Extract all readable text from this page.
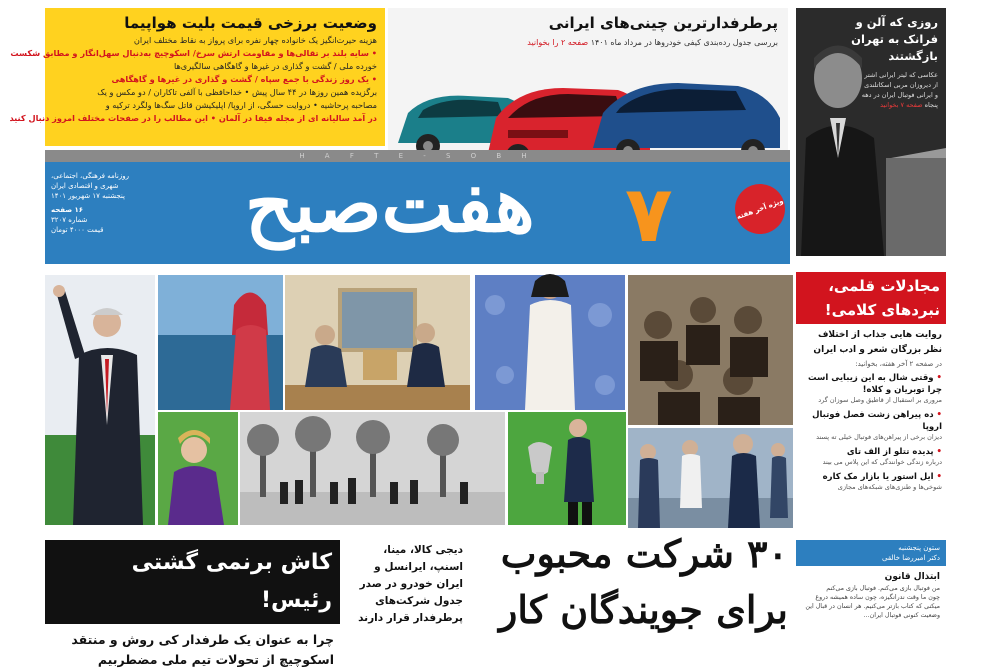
وضعیت برزخی قیمت بلیت هواپیما
هزینه حیرت‌انگیز یک خانواده چهار نفره برای پرواز به نقاط مختلف ایران
• سایه بلند بر تقالی‌ها و مقاومت ارتش سرخ/ اسکوچیچ به‌دنبال سهل‌انگار و مطابق شکست
خورده ملی / گشت و گذاری در غیرها و گاهگاهی سالگیری‌ها
• یک روز زندگی با جمع سپاه / گشت و گذاری در غیرها و گاهگاهی
برگزیده همین روزها در ۴۴ سال پیش • خداحافظی با آلفی تاکاران / دو مکس و یک
مصاحبه پرحاشیه • دروایت حسگی، از اروپا/ اپلیکیشن قاتل سگ‌ها ولگرد ترکیه و
در آمد سالیانه ای از مجله فیفا در آلمان • این مطالب را در صفحات مختلف امروز دنبال کنید
پرطرفدارترین چینی‌های ایرانی
بررسی جدول رده‌بندی کیفی خودروها در مرداد ماه ۱۴۰۱ صفحه ۲ را بخوانید
روزی که آلن و
فرانک به تهران
بازگشتند
عکاسی که لیتر ایرانی اشتر از دیروزان مربی اسکاتلندی و ایرانی فوتبال ایران در دهه پنجاه صفحه ۷ بخوانید
H A F T E - S O B H
هفت‌صبح ۷	ویژه آخر هفته
روزنامه فرهنگی، اجتماعی،
شهری و اقتصادی ایران
پنجشنبه ۱۷ شهریور ۱۴۰۱
۱۶ صفحه
شماره ۳۲۰۷
قیمت ۴۰۰۰ تومان
مجادلات قلمی،
نبردهای کلامی!
روایت هایی جذاب از اختلاف نظر بزرگان شعر و ادب ایران
در صفحه ۲ آخر هفته، بخوانید:
• وقتی شال به این زیبایی است
چرا توبریان و کلاه!
مروری بر استقبال از قاطیق وصل سوزان گرد
• ده پیراهن زشت فصل فوتبال اروپا
دیزان برخی از پیراهن‌های فوتبال خیلی ته پسند
• پدیده تتلو از الف تای
درباره زندگی خوانندگی که این پلاس می بیند
• ایل استور یا بازار مک کاره
شوخی‌ها و طنزی‌های شبکه‌های مجازی
کاش برنمی گشتی رئیس!
چرا به عنوان یک طرفدار کی روش و منتقد
اسکوچیچ از تحولات تیم ملی مضطربیم
دیجی کالا، مینا،
اسنپ، ایرانسل و
ایران خودرو در صدر
جدول شرکت‌های
پرطرفدار قرار دارند
۳۰ شرکت محبوب
برای جویندگان کار
ستون پنجشنبه
دکتر امیررضا خالقی
ابتذال قانون
من فوتبال بازی می‌کنم. فوتبال بازی می‌کنم
چون ما وقت ندرانگیزه، چون ساده همیشه دروغ
میکنی که کتاب بازتر می‌کنیم. هر انسان در قبال این
وضعیت کنونی فوتبال ایران...
